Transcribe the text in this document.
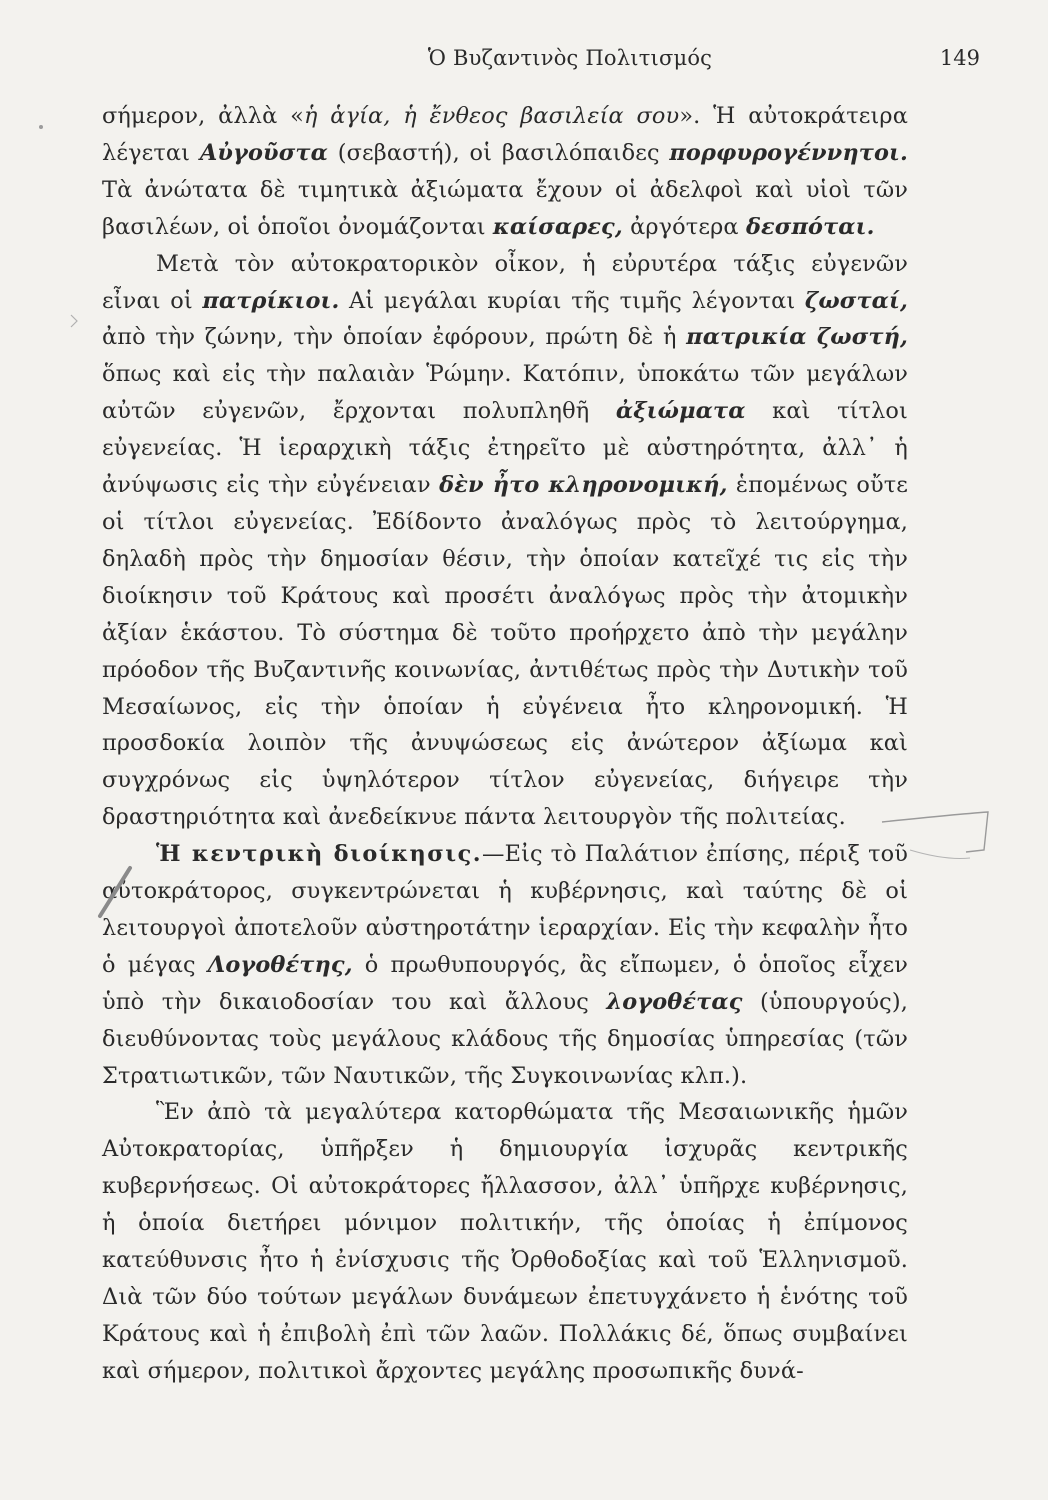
Ὁ Βυζαντινὸς Πολιτισμός	149

σήμερον, ἀλλὰ «ἡ ἁγία, ἡ ἔνθεος βασιλεία σου». Ἡ αὐτοκράτειρα λέγεται Αὐγοῦστα (σεβαστή), οἱ βασιλόπαιδες πορφυρογέννητοι. Τὰ ἀνώτατα δὲ τιμητικὰ ἀξιώματα ἔχουν οἱ ἀδελφοὶ καὶ υἱοὶ τῶν βασιλέων, οἱ ὁποῖοι ὀνομάζονται καίσαρες, ἀργότερα δεσπόται.

Μετὰ τὸν αὐτοκρατορικὸν οἶκον, ἡ εὐρυτέρα τάξις εὐγενῶν εἶναι οἱ πατρίκιοι. Αἱ μεγάλαι κυρίαι τῆς τιμῆς λέγονται ζωσταί, ἀπὸ τὴν ζώνην, τὴν ὁποίαν ἐφόρουν, πρώτη δὲ ἡ πατρικία ζωστή, ὅπως καὶ εἰς τὴν παλαιὰν Ῥώμην. Κατόπιν, ὑποκάτω τῶν μεγάλων αὐτῶν εὐγενῶν, ἔρχονται πολυπληθῆ ἀξιώματα καὶ τίτλοι εὐγενείας. Ἡ ἱεραρχικὴ τάξις ἐτηρεῖτο μὲ αὐστηρότητα, ἀλλ᾿ ἡ ἀνύψωσις εἰς τὴν εὐγένειαν δὲν ἦτο κληρονομική, ἑπομένως οὔτε οἱ τίτλοι εὐγενείας. Ἐδίδοντο ἀναλόγως πρὸς τὸ λειτούργημα, δηλαδὴ πρὸς τὴν δημοσίαν θέσιν, τὴν ὁποίαν κατεῖχέ τις εἰς τὴν διοίκησιν τοῦ Κράτους καὶ προσέτι ἀναλόγως πρὸς τὴν ἀτομικὴν ἀξίαν ἑκάστου. Τὸ σύστημα δὲ τοῦτο προήρχετο ἀπὸ τὴν μεγάλην πρόοδον τῆς Βυζαντινῆς κοινωνίας, ἀντιθέτως πρὸς τὴν Δυτικὴν τοῦ Μεσαίωνος, εἰς τὴν ὁποίαν ἡ εὐγένεια ἦτο κληρονομική. Ἡ προσδοκία λοιπὸν τῆς ἀνυψώσεως εἰς ἀνώτερον ἀξίωμα καὶ συγχρόνως εἰς ὑψηλότερον τίτλον εὐγενείας, διήγειρε τὴν δραστηριότητα καὶ ἀνεδείκνυε πάντα λειτουργὸν τῆς πολιτείας.

Ἡ κεντρικὴ διοίκησις.—Εἰς τὸ Παλάτιον ἐπίσης, πέριξ τοῦ αὐτοκράτορος, συγκεντρώνεται ἡ κυβέρνησις, καὶ ταύτης δὲ οἱ λειτουργοὶ ἀποτελοῦν αὐστηροτάτην ἱεραρχίαν. Εἰς τὴν κεφαλὴν ἦτο ὁ μέγας Λογοθέτης, ὁ πρωθυπουργός, ἂς εἴπωμεν, ὁ ὁποῖος εἶχεν ὑπὸ τὴν δικαιοδοσίαν του καὶ ἄλλους λογοθέτας (ὑπουργούς), διευθύνοντας τοὺς μεγάλους κλάδους τῆς δημοσίας ὑπηρεσίας (τῶν Στρατιωτικῶν, τῶν Ναυτικῶν, τῆς Συγκοινωνίας κλπ.).

Ἓν ἀπὸ τὰ μεγαλύτερα κατορθώματα τῆς Μεσαιωνικῆς ἡμῶν Αὐτοκρατορίας, ὑπῆρξεν ἡ δημιουργία ἰσχυρᾶς κεντρικῆς κυβερνήσεως. Οἱ αὐτοκράτορες ἤλλασσον, ἀλλ᾿ ὑπῆρχε κυβέρνησις, ἡ ὁποία διετήρει μόνιμον πολιτικήν, τῆς ὁποίας ἡ ἐπίμονος κατεύθυνσις ἦτο ἡ ἐνίσχυσις τῆς Ὀρθοδοξίας καὶ τοῦ Ἑλληνισμοῦ. Διὰ τῶν δύο τούτων μεγάλων δυνάμεων ἐπετυγχάνετο ἡ ἑνότης τοῦ Κράτους καὶ ἡ ἐπιβολὴ ἐπὶ τῶν λαῶν. Πολλάκις δέ, ὅπως συμβαίνει καὶ σήμερον, πολιτικοὶ ἄρχοντες μεγάλης προσωπικῆς δυνά-
